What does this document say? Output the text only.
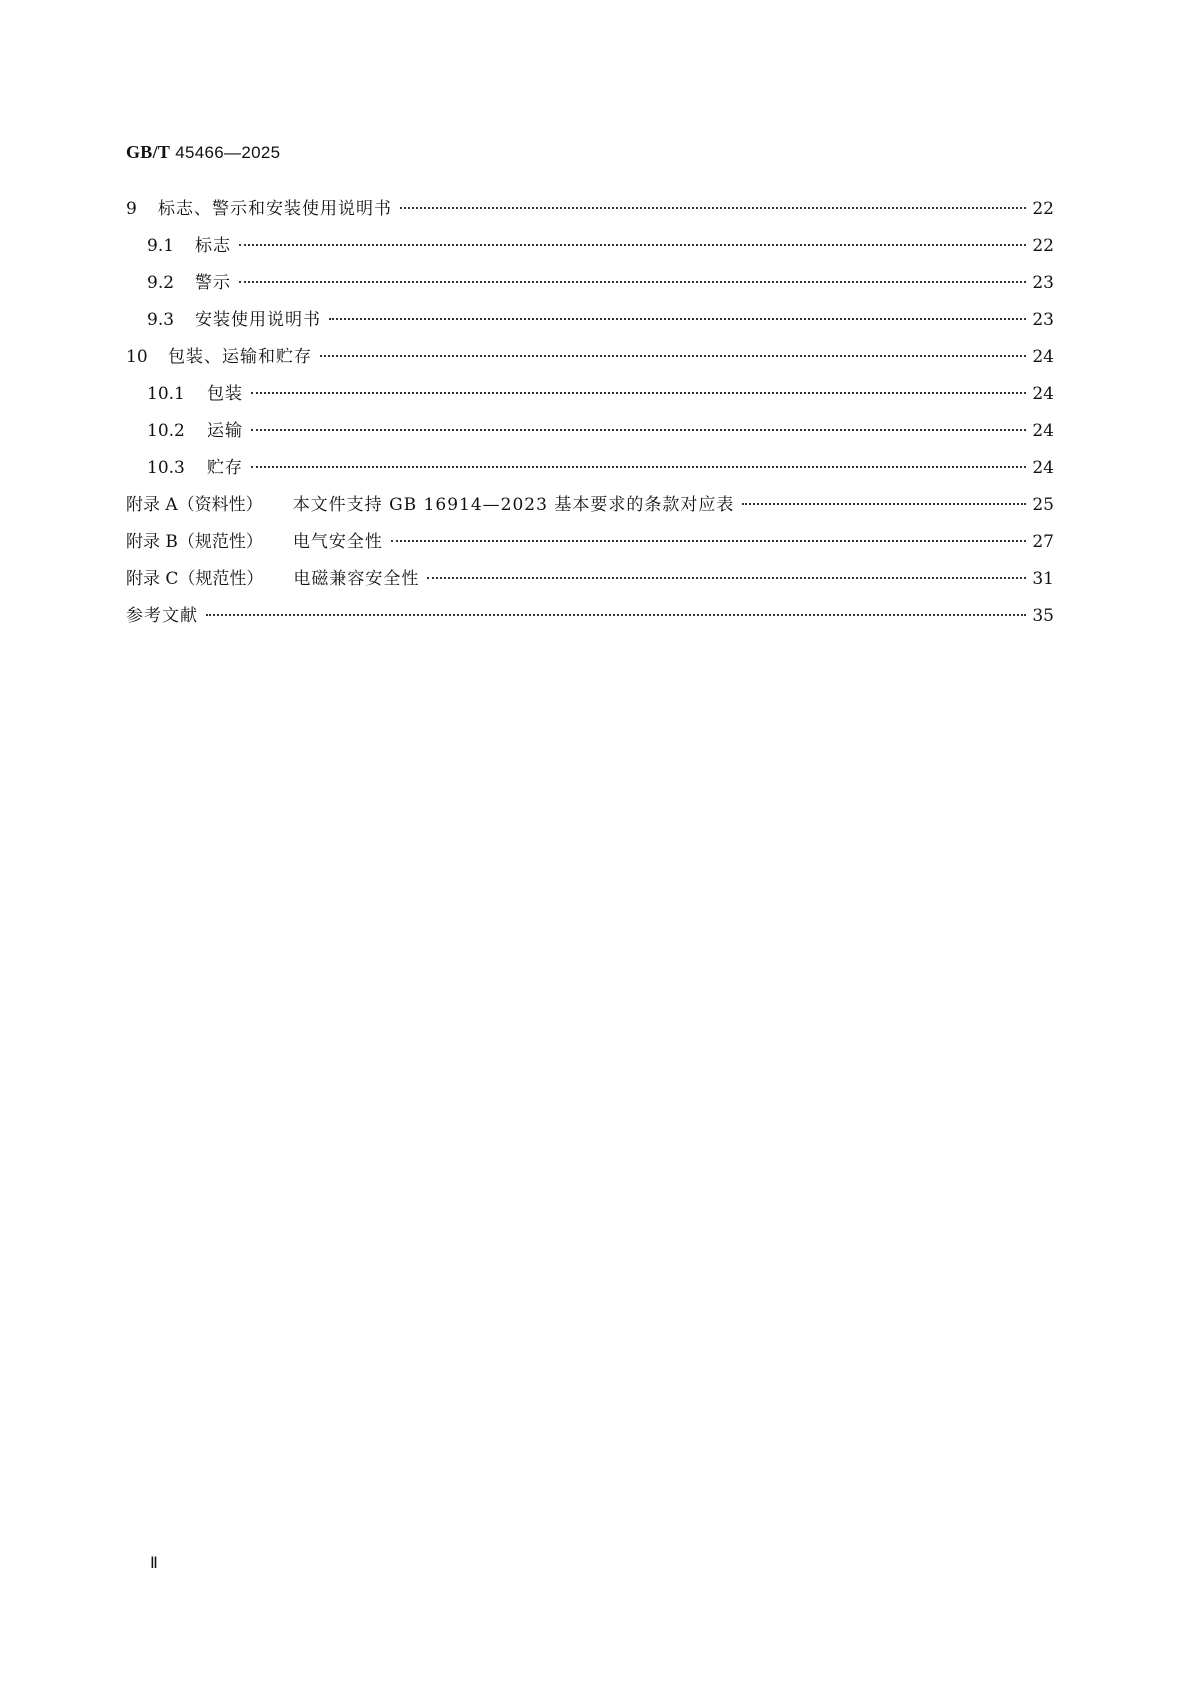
GB/T 45466—2025
9	标志、警示和安装使用说明书	22
9.1	标志	22
9.2	警示	23
9.3	安装使用说明书	23
10	包装、运输和贮存	24
10.1	包装	24
10.2	运输	24
10.3	贮存	24
附录 A（资料性） 本文件支持 GB 16914—2023 基本要求的条款对应表	25
附录 B（规范性） 电气安全性	27
附录 C（规范性） 电磁兼容安全性	31
参考文献	35
Ⅱ
